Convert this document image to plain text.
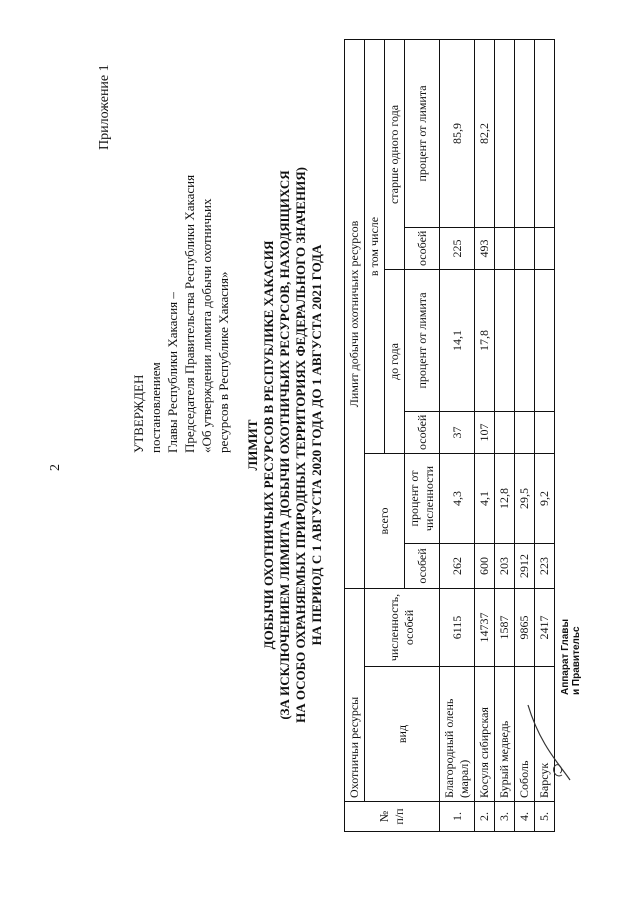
2
Приложение 1
УТВЕРЖДЕН постановлением Главы Республики Хакасия – Председателя Правительства Республики Хакасия «Об утверждении лимита добычи охотничьих ресурсов в Республике Хакасия» ЛИМИТ ДОБЫЧИ ОХОТНИЧЬИХ РЕСУРСОВ В РЕСПУБЛИКЕ ХАКАСИЯ (ЗА ИСКЛЮЧЕНИЕМ ЛИМИТА ДОБЫЧИ ОХОТНИЧЬИХ РЕСУРСОВ, НАХОДЯЩИХСЯ НА ОСОБО ОХРАНЯЕМЫХ ПРИРОДНЫХ ТЕРРИТОРИЯХ ФЕДЕРАЛЬНОГО ЗНАЧЕНИЯ) НА ПЕРИОД С 1 АВГУСТА 2020 ГОДА ДО 1 АВГУСТА 2021 ГОДА
№ п/п	Охотничьи ресурсы		Лимит добычи охотничьих ресурсов					
	вид	численность, особей	всего		в том числе			
					до года		старше одного года	
			особей	процент от численности	особей	процент от лимита	особей	процент от лимита
1.	Благородный олень (марал)	6115	262	4,3	37	14,1	225	85,9
2.	Косуля сибирская	14737	600	4,1	107	17,8	493	82,2
3.	Бурый медведь	1587	203	12,8				
4.	Соболь	9865	2912	29,5				
5.	Барсук	2417	223	9,2				
Аппарат Главы и Правительс
